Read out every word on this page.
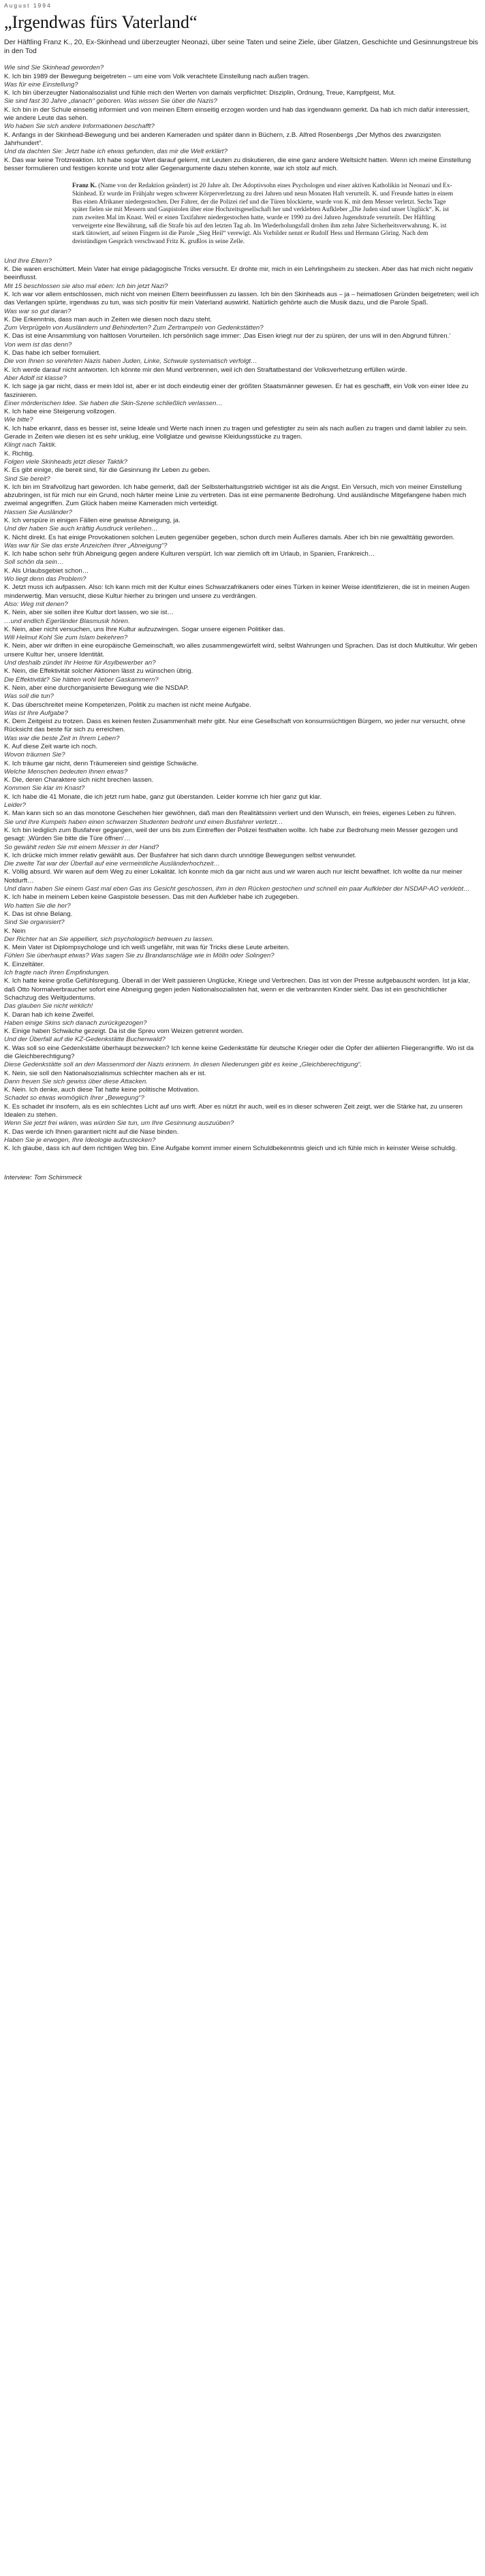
August 1994
„Irgendwas fürs Vaterland“

Der Häftling Franz K., 20, Ex-Skinhead und überzeugter Neonazi, über seine Taten und seine Ziele, über Glatzen, Geschichte und Gesinnungstreue bis in den Tod

Wie sind Sie Skinhead geworden?

K. Ich bin 1989 der Bewegung beigetreten – um eine vom Volk verachtete Einstellung nach außen tragen.

Was für eine Einstellung?

K. Ich bin überzeugter Nationalsozialist und fühle mich den Werten von damals verpflichtet: Disziplin, Ordnung, Treue, Kampfgeist, Mut.

Sie sind fast 30 Jahre „danach“ geboren. Was wissen Sie über die Nazis?

K. Ich bin in der Schule einseitig informiert und von meinen Eltern einseitig erzogen worden und hab das irgendwann gemerkt. Da hab ich mich dafür interessiert, wie andere Leute das sehen.

Wo haben Sie sich andere Informationen beschafft?

K. Anfangs in der Skinhead-Bewegung und bei anderen Kameraden und später dann in Büchern, z.B. Alfred Rosenbergs „Der Mythos des zwanzigsten Jahrhundert“.

Und da dachten Sie: Jetzt habe ich etwas gefunden, das mir die Welt erklärt?

K. Das war keine Trotzreaktion. Ich habe sogar Wert darauf gelernt, mit Leuten zu diskutieren, die eine ganz andere Weltsicht hatten. Wenn ich meine Einstellung besser formulieren und festigen konnte und trotz aller Gegenargumente dazu stehen konnte, war ich stolz auf mich.

Franz K. (Name von der Redaktion geändert) ist 20 Jahre alt. Der Adoptivsohn eines Psychologen und einer aktiven Katholikin ist Neonazi und Ex-Skinhead. Er wurde im Frühjahr wegen schwerer Körperverletzung zu drei Jahren und neun Monaten Haft verurteilt. K. und Freunde hatten in einem Bus einen Afrikaner niedergestochen. Der Fahrer, der die Polizei rief und die Türen blockierte, wurde von K. mit dem Messer verletzt. Sechs Tage später fielen sie mit Messern und Gaspistolen über eine Hochzeitsgesellschaft her und verklebten Aufkleber „Die Juden sind unser Unglück“. K. ist zum zweiten Mal im Knast. Weil er einen Taxifahrer niedergestochen hatte, wurde er 1990 zu drei Jahren Jugendstrafe verurteilt. Der Häftling verweigerte eine Bewährung, saß die Strafe bis auf den letzten Tag ab. Im Wiederholungsfall drohen ihm zehn Jahre Sicherheitsverwahrung. K. ist stark tätowiert, auf seinen Fingern ist die Parole „Sieg Heil“ verewigt. Als Vorbilder nennt er Rudolf Hess und Hermann Göring. Nach dem dreistündigen Gespräch verschwand Fritz K. grußlos in seine Zelle.

Und Ihre Eltern?

K. Die waren erschüttert. Mein Vater hat einige pädagogische Tricks versucht. Er drohte mir, mich in ein Lehrlingsheim zu stecken. Aber das hat mich nicht negativ beeinflusst.

Mit 15 beschlossen sie also mal eben: Ich bin jetzt Nazi?

K. Ich war vor allem entschlossen, mich nicht von meinen Eltern beeinflussen zu lassen. Ich bin den Skinheads aus – ja – heimatlosen Gründen beigetreten; weil ich das Verlangen spürte, irgendwas zu tun, was sich positiv für mein Vaterland auswirkt. Natürlich gehörte auch die Musik dazu, und die Parole Spaß.

Was war so gut daran?

K. Die Erkenntnis, dass man auch in Zeiten wie diesen noch dazu steht.

Zum Verprügeln von Ausländern und Behinderten? Zum Zertrampeln von Gedenkstätten?

K. Das ist eine Ansammlung von haltlosen Vorurteilen. Ich persönlich sage immer: ‚Das Eisen kriegt nur der zu spüren, der uns will in den Abgrund führen.‘

Von wem ist das denn?

K. Das habe ich selber formuliert.

Die von Ihnen so verehrten Nazis haben Juden, Linke, Schwule systematisch verfolgt…

K. Ich werde darauf nicht antworten. Ich könnte mir den Mund verbrennen, weil ich den Straftatbestand der Volksverhetzung erfüllen würde.

Aber Adolf ist klasse?

K. Ich sage ja gar nicht, dass er mein Idol ist, aber er ist doch eindeutig einer der größten Staatsmänner gewesen. Er hat es geschafft, ein Volk von einer Idee zu faszinieren.

Einer mörderischen Idee. Sie haben die Skin-Szene schließlich verlassen…

K. Ich habe eine Steigerung vollzogen.

Wie bitte?

K. Ich habe erkannt, dass es besser ist, seine Ideale und Werte nach innen zu tragen und gefestigter zu sein als nach außen zu tragen und damit labiler zu sein. Gerade in Zeiten wie diesen ist es sehr unklug, eine Vollglatze und gewisse Kleidungsstücke zu tragen.

Klingt nach Taktik.

K. Richtig.

Folgen viele Skinheads jetzt dieser Taktik?

K. Es gibt einige, die bereit sind, für die Gesinnung ihr Leben zu geben.

Sind Sie bereit?

K. Ich bin im Strafvollzug hart geworden. Ich habe gemerkt, daß der Selbsterhaltungstrieb wichtiger ist als die Angst. Ein Versuch, mich von meiner Einstellung abzubringen, ist für mich nur ein Grund, noch härter meine Linie zu vertreten. Das ist eine permanente Bedrohung. Und ausländische Mitgefangene haben mich zweimal angegriffen. Zum Glück haben meine Kameraden mich verteidigt.

Hassen Sie Ausländer?

K. Ich verspüre in einigen Fällen eine gewisse Abneigung, ja.

Und der haben Sie auch kräftig Ausdruck verliehen…

K. Nicht direkt. Es hat einige Provokationen solchen Leuten gegenüber gegeben, schon durch mein Äußeres damals. Aber ich bin nie gewalttätig geworden.

Was war für Sie das erste Anzeichen Ihrer „Abneigung“?

K. Ich habe schon sehr früh Abneigung gegen andere Kulturen verspürt. Ich war ziemlich oft im Urlaub, in Spanien, Frankreich…

Soll schön da sein…

K. Als Urlaubsgebiet schon…

Wo liegt denn das Problem?

K. Jetzt muss ich aufpassen. Also: Ich kann mich mit der Kultur eines Schwarzafrikaners oder eines Türken in keiner Weise identifizieren, die ist in meinen Augen minderwertig. Man versucht, diese Kultur hierher zu bringen und unsere zu verdrängen.

Also: Weg mit denen?

K. Nein, aber sie sollen ihre Kultur dort lassen, wo sie ist…

…und endlich Egerländer Blasmusik hören.

K. Nein, aber nicht versuchen, uns Ihre Kultur aufzuzwingen. Sogar unsere eigenen Politiker das.

Will Helmut Kohl Sie zum Islam bekehren?

K. Nein, aber wir driften in eine europäische Gemeinschaft, wo alles zusammengewürfelt wird, selbst Wahrungen und Sprachen. Das ist doch Multikultur. Wir geben unsere Kultur her, unsere Identität.

Und deshalb zündet Ihr Heime für Asylbewerber an?

K. Nein, die Effektivität solcher Aktionen lässt zu wünschen übrig.

Die Effektivität? Sie hätten wohl lieber Gaskammern?

K. Nein, aber eine durchorganisierte Bewegung wie die NSDAP.

Was soll die tun?

K. Das überschreitet meine Kompetenzen, Politik zu machen ist nicht meine Aufgabe.

Was ist Ihre Aufgabe?

K. Dem Zeitgeist zu trotzen. Dass es keinen festen Zusammenhalt mehr gibt. Nur eine Gesellschaft von konsumsüchtigen Bürgern, wo jeder nur versucht, ohne Rücksicht das beste für sich zu erreichen.

Was war die beste Zeit in Ihrem Leben?

K. Auf diese Zeit warte ich noch.

Wovon träumen Sie?

K. Ich träume gar nicht, denn Träumereien sind geistige Schwäche.

Welche Menschen bedeuten Ihnen etwas?

K. Die, deren Charaktere sich nicht brechen lassen.

Kommen Sie klar im Knast?

K. Ich habe die 41 Monate, die ich jetzt rum habe, ganz gut überstanden. Leider komme ich hier ganz gut klar.

Leider?

K. Man kann sich so an das monotone Geschehen hier gewöhnen, daß man den Realitätssinn verliert und den Wunsch, ein freies, eigenes Leben zu führen.

Sie und Ihre Kumpels haben einen schwarzen Studenten bedroht und einen Busfahrer verletzt…

K. Ich bin lediglich zum Busfahrer gegangen, weil der uns bis zum Eintreffen der Polizei festhalten wollte. Ich habe zur Bedrohung mein Messer gezogen und gesagt: ‚Würden Sie bitte die Türe öffnen‘…

So gewählt reden Sie mit einem Messer in der Hand?

K. Ich drücke mich immer relativ gewählt aus. Der Busfahrer hat sich dann durch unnötige Bewegungen selbst verwundet.

Die zweite Tat war der Überfall auf eine vermeintliche Ausländerhochzeit…

K. Völlig absurd. Wir waren auf dem Weg zu einer Lokalität. Ich konnte mich da gar nicht aus und wir waren auch nur leicht bewaffnet. Ich wollte da nur meiner Notdurft…

Und dann haben Sie einem Gast mal eben Gas ins Gesicht geschossen, ihm in den Rücken gestochen und schnell ein paar Aufkleber der NSDAP-AO verklebt…

K. Ich habe in meinem Leben keine Gaspistole besessen. Das mit den Aufkleber habe ich zugegeben.

Wo hatten Sie die her?

K. Das ist ohne Belang.

Sind Sie organisiert?

K. Nein

Der Richter hat an Sie appelliert, sich psychologisch betreuen zu lassen.

K. Mein Vater ist Diplompsychologe und ich weiß ungefähr, mit was für Tricks diese Leute arbeiten.

Fühlen Sie überhaupt etwas? Was sagen Sie zu Brandanschläge wie in Mölln oder Solingen?

K. Einzeltäter.

Ich fragte nach Ihren Empfindungen.

K. Ich hatte keine große Gefühlsregung. Überall in der Welt passieren Unglücke, Kriege und Verbrechen. Das ist von der Presse aufgebauscht worden. Ist ja klar, daß Otto Normalverbraucher sofort eine Abneigung gegen jeden Nationalsozialisten hat, wenn er die verbrannten Kinder sieht. Das ist ein geschichtlicher Schachzug des Weltjudentums.

Das glauben Sie nicht wirklich!

K. Daran hab ich keine Zweifel.

Haben einige Skins sich danach zurückgezogen?

K. Einige haben Schwäche gezeigt. Da ist die Spreu vom Weizen getrennt worden.

Und der Überfall auf die KZ-Gedenkstätte Buchenwald?

K. Was soll so eine Gedenkstätte überhaupt bezwecken? Ich kenne keine Gedenkstätte für deutsche Krieger oder die Opfer der alliierten Fliegerangriffe. Wo ist da die Gleichberechtigung?

Diese Gedenkstätte soll an den Massenmord der Nazis erinnern. In diesen Niederungen gibt es keine „Gleichberechtigung“.

K. Nein, sie soll den Nationalsozialismus schlechter machen als er ist.

Dann freuen Sie sich gewiss über diese Attacken.

K. Nein. Ich denke, auch diese Tat hatte keine politische Motivation.

Schadet so etwas womöglich Ihrer „Bewegung“?

K. Es schadet ihr insofern, als es ein schlechtes Licht auf uns wirft. Aber es nützt ihr auch, weil es in dieser schweren Zeit zeigt, wer die Stärke hat, zu unseren Idealen zu stehen.

Wenn Sie jetzt frei wären, was würden Sie tun, um Ihre Gesinnung auszuüben?

K. Das werde ich Ihnen garantiert nicht auf die Nase binden.

Haben Sie je erwogen, Ihre Ideologie aufzustecken?

K. Ich glaube, dass ich auf dem richtigen Weg bin. Eine Aufgabe kommt immer einem Schuldbekenntnis gleich und ich fühle mich in keinster Weise schuldig.

Interview: Tom Schimmeck
